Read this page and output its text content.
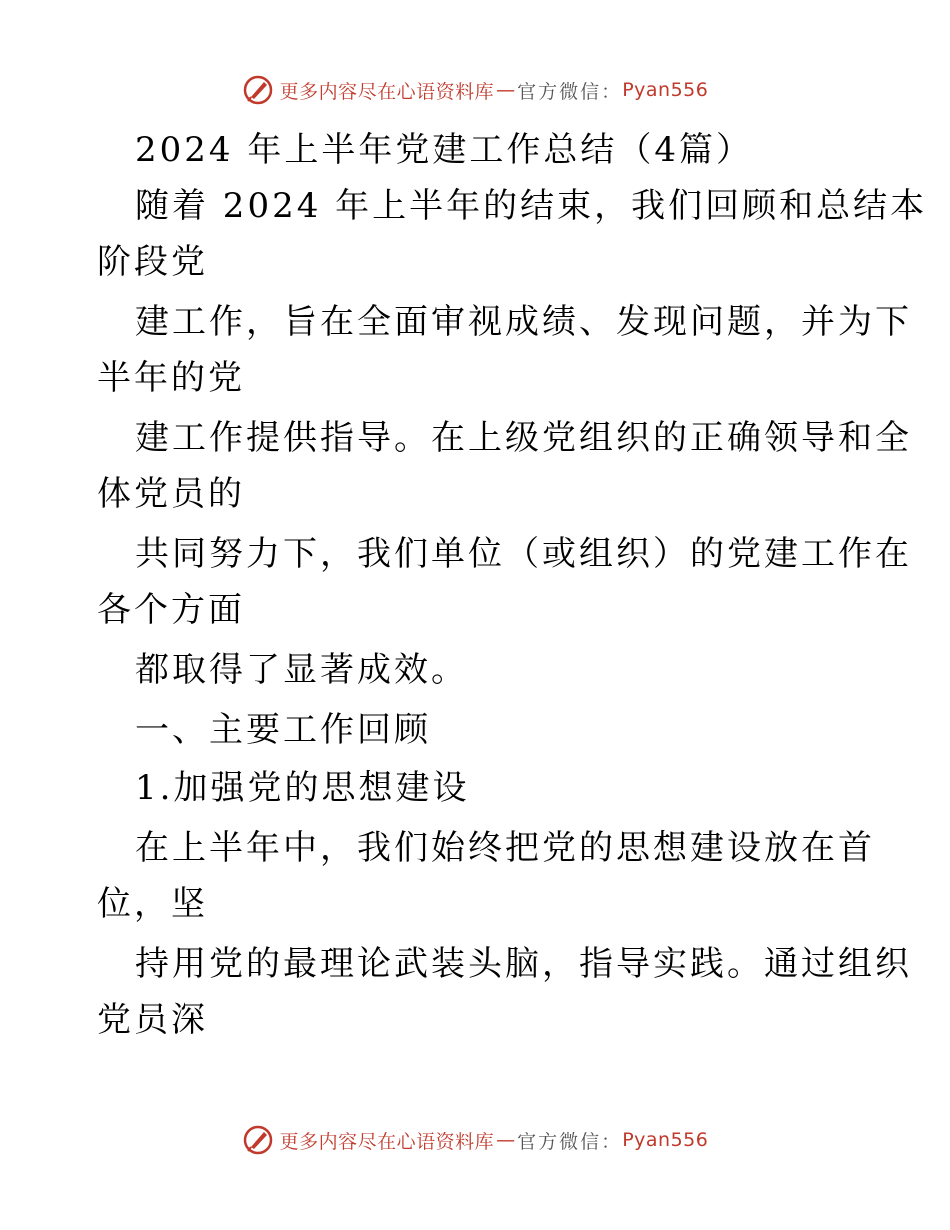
更多内容尽在心语资料库 — 官方微信： Pyan556
2024 年上半年党建工作总结（4篇）
随着 2024 年上半年的结束，我们回顾和总结本
阶段党
建工作，旨在全面审视成绩、发现问题，并为下
半年的党
建工作提供指导。在上级党组织的正确领导和全
体党员的
共同努力下，我们单位（或组织）的党建工作在
各个方面
都取得了显著成效。
一、主要工作回顾
1.加强党的思想建设
在上半年中，我们始终把党的思想建设放在首
位，坚
持用党的最理论武装头脑，指导实践。通过组织
党员深
更多内容尽在心语资料库 — 官方微信： Pyan556
